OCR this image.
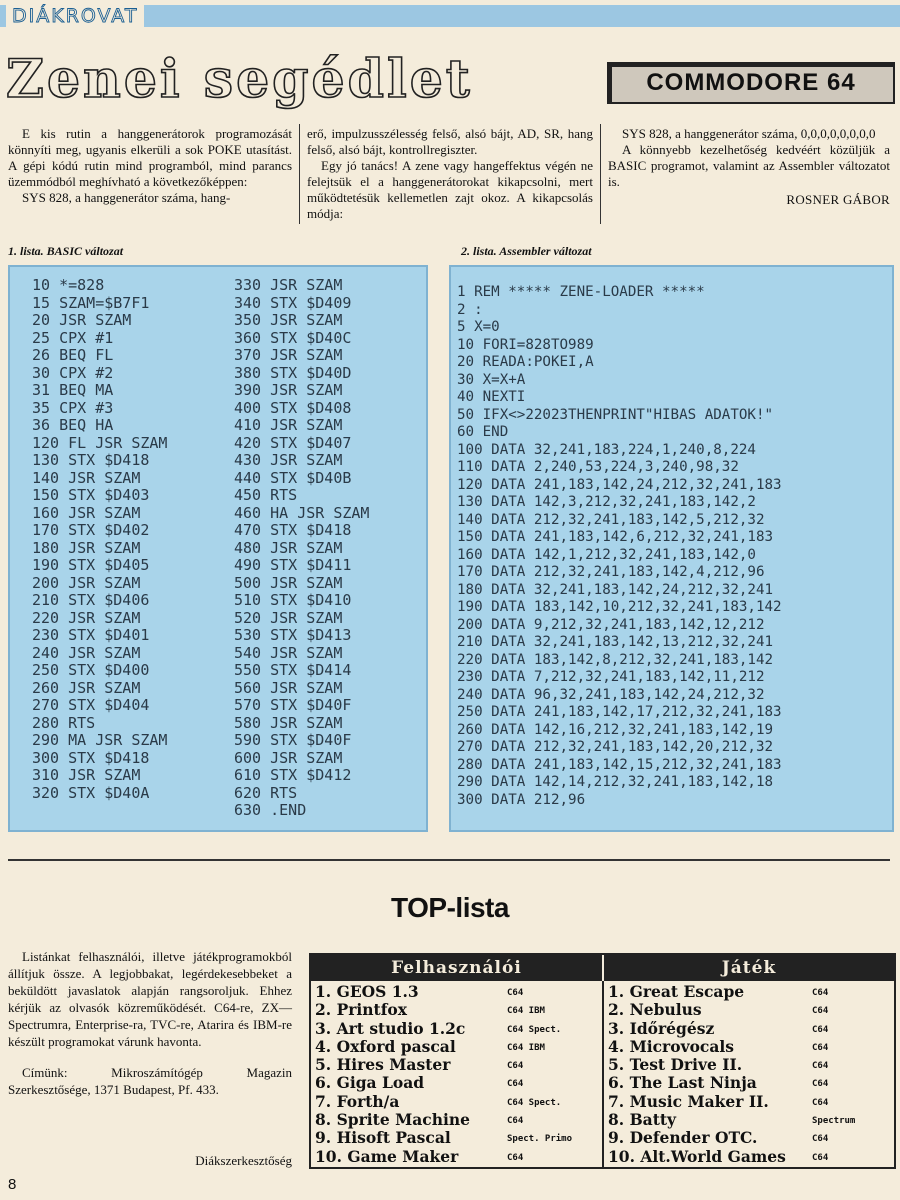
DIÁKROVAT
Zenei segédlet	COMMODORE 64

E kis rutin a hanggenerátorok programozását könnyíti meg, ugyanis elkerüli a sok POKE utasítást. A gépi kódú rutin mind programból, mind parancs üzemmódból meghívható a következőképpen:

SYS 828, a hanggenerátor száma, hang-

erő, impulzusszélesség felső, alsó bájt, AD, SR, hang felső, alsó bájt, kontrollregiszter.

Egy jó tanács! A zene vagy hangeffektus végén ne felejtsük el a hanggenerátorokat kikapcsolni, mert működtetésük kellemetlen zajt okoz. A kikapcsolás módja:

SYS 828, a hanggenerátor száma, 0,0,0,0,0,0,0,0

A könnyebb kezelhetőség kedvéért közüljük a BASIC programot, valamint az Assembler változatot is.

ROSNER GÁBOR
1. lista. BASIC változat	2. lista. Assembler változat
10 *=828
15 SZAM=$B7F1
20 JSR SZAM
25 CPX #1
26 BEQ FL
30 CPX #2
31 BEQ MA
35 CPX #3
36 BEQ HA
120 FL JSR SZAM
130 STX $D418
140 JSR SZAM
150 STX $D403
160 JSR SZAM
170 STX $D402
180 JSR SZAM
190 STX $D405
200 JSR SZAM
210 STX $D406
220 JSR SZAM
230 STX $D401
240 JSR SZAM
250 STX $D400
260 JSR SZAM
270 STX $D404
280 RTS
290 MA JSR SZAM
300 STX $D418
310 JSR SZAM
320 STX $D40A
330 JSR SZAM
340 STX $D409
350 JSR SZAM
360 STX $D40C
370 JSR SZAM
380 STX $D40D
390 JSR SZAM
400 STX $D408
410 JSR SZAM
420 STX $D407
430 JSR SZAM
440 STX $D40B
450 RTS
460 HA JSR SZAM
470 STX $D418
480 JSR SZAM
490 STX $D411
500 JSR SZAM
510 STX $D410
520 JSR SZAM
530 STX $D413
540 JSR SZAM
550 STX $D414
560 JSR SZAM
570 STX $D40F
580 JSR SZAM
590 STX $D40F
600 JSR SZAM
610 STX $D412
620 RTS
630 .END
1 REM ***** ZENE-LOADER *****
2 :
5 X=0
10 FORI=828TO989
20 READA:POKEI,A
30 X=X+A
40 NEXTI
50 IFX<>22023THENPRINT"HIBAS ADATOK!"
60 END
100 DATA 32,241,183,224,1,240,8,224
110 DATA 2,240,53,224,3,240,98,32
120 DATA 241,183,142,24,212,32,241,183
130 DATA 142,3,212,32,241,183,142,2
140 DATA 212,32,241,183,142,5,212,32
150 DATA 241,183,142,6,212,32,241,183
160 DATA 142,1,212,32,241,183,142,0
170 DATA 212,32,241,183,142,4,212,96
180 DATA 32,241,183,142,24,212,32,241
190 DATA 183,142,10,212,32,241,183,142
200 DATA 9,212,32,241,183,142,12,212
210 DATA 32,241,183,142,13,212,32,241
220 DATA 183,142,8,212,32,241,183,142
230 DATA 7,212,32,241,183,142,11,212
240 DATA 96,32,241,183,142,24,212,32
250 DATA 241,183,142,17,212,32,241,183
260 DATA 142,16,212,32,241,183,142,19
270 DATA 212,32,241,183,142,20,212,32
280 DATA 241,183,142,15,212,32,241,183
290 DATA 142,14,212,32,241,183,142,18
300 DATA 212,96
TOP-lista

Listánkat felhasználói, illetve játékprogramokból állítjuk össze. A legjobbakat, legérdekesebbeket a beküldött javaslatok alapján rangsoroljuk. Ehhez kérjük az olvasók közreműködését. C64-re, ZX—Spectrumra, Enterprise-ra, TVC-re, Atarira és IBM-re készült programokat várunk havonta.

Címünk: Mikroszámítógép Magazin Szerkesztősége, 1371 Budapest, Pf. 433.

Diákszerkesztőség
Felhasználói	Játék
1. GEOS 1.3	C64
2. Printfox	C64 IBM
3. Art studio 1.2c	C64 Spect.
4. Oxford pascal	C64 IBM
5. Hires Master	C64
6. Giga Load	C64
7. Forth/a	C64 Spect.
8. Sprite Machine	C64
9. Hisoft Pascal	Spect. Primo
10. Game Maker	C64
1. Great Escape	C64
2. Nebulus	C64
3. Időrégész	C64
4. Microvocals	C64
5. Test Drive II.	C64
6. The Last Ninja	C64
7. Music Maker II.	C64
8. Batty	Spectrum
9. Defender OTC.	C64
10. Alt.World Games	C64
8
